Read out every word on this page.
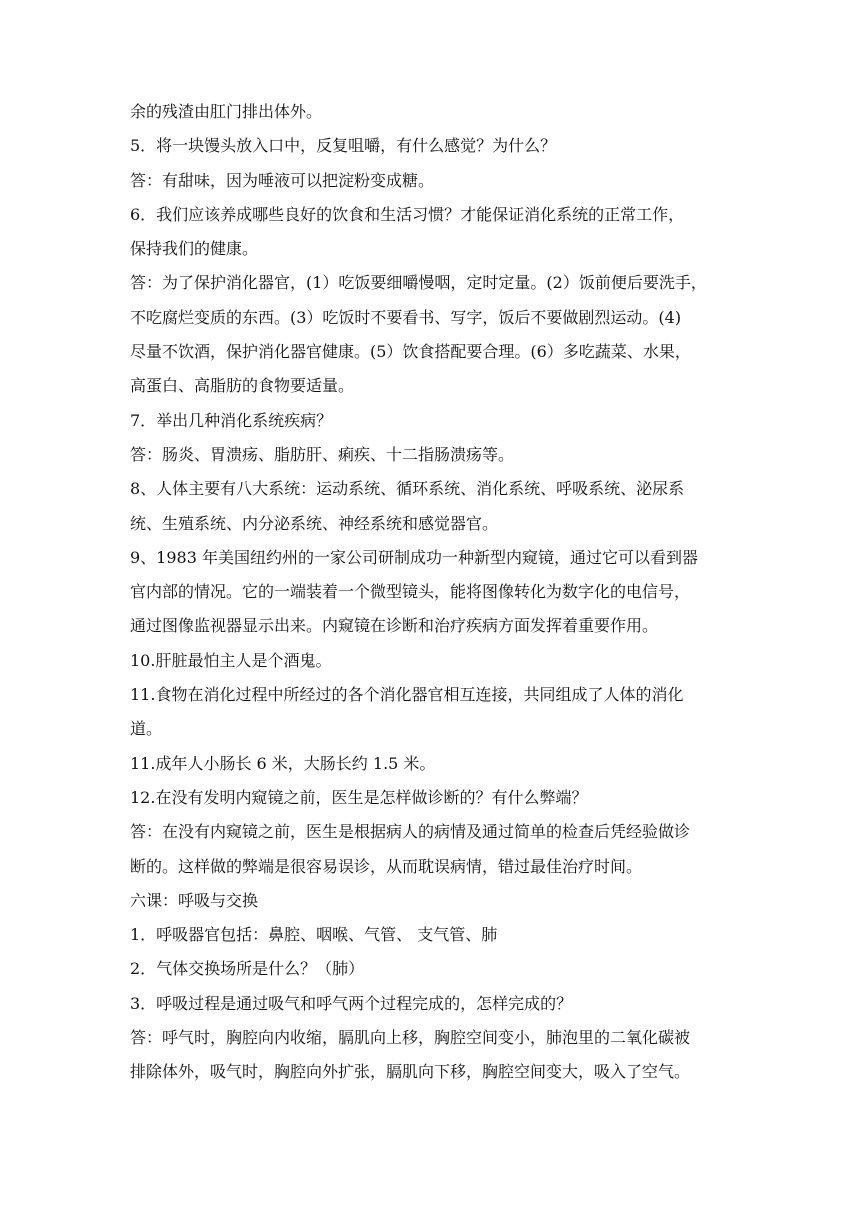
余的残渣由肛门排出体外。
5．将一块馒头放入口中，反复咀嚼，有什么感觉？为什么？
答：有甜味，因为唾液可以把淀粉变成糖。
6．我们应该养成哪些良好的饮食和生活习惯？才能保证消化系统的正常工作，
保持我们的健康。
答：为了保护消化器官，(1）吃饭要细嚼慢咽，定时定量。(2）饭前便后要洗手，
不吃腐烂变质的东西。(3）吃饭时不要看书、写字，饭后不要做剧烈运动。(4)
尽量不饮酒，保护消化器官健康。(5）饮食搭配要合理。(6）多吃蔬菜、水果，
高蛋白、高脂肪的食物要适量。
7．举出几种消化系统疾病？
答：肠炎、胃溃疡、脂肪肝、痢疾、十二指肠溃疡等。
8、人体主要有八大系统：运动系统、循环系统、消化系统、呼吸系统、泌尿系
统、生殖系统、内分泌系统、神经系统和感觉器官。
9、1983 年美国纽约州的一家公司研制成功一种新型内窥镜，通过它可以看到器
官内部的情况。它的一端装着一个微型镜头，能将图像转化为数字化的电信号，
通过图像监视器显示出来。内窥镜在诊断和治疗疾病方面发挥着重要作用。
10.肝脏最怕主人是个酒鬼。
11.食物在消化过程中所经过的各个消化器官相互连接，共同组成了人体的消化
道。
11.成年人小肠长 6 米，大肠长约 1.5 米。
12.在没有发明内窥镜之前，医生是怎样做诊断的？有什么弊端？
答：在没有内窥镜之前，医生是根据病人的病情及通过简单的检查后凭经验做诊
断的。这样做的弊端是很容易误诊，从而耽误病情，错过最佳治疗时间。
六课：呼吸与交换
1．呼吸器官包括：鼻腔、咽喉、气管、 支气管、肺
2．气体交换场所是什么？（肺）
3．呼吸过程是通过吸气和呼气两个过程完成的，怎样完成的？
答：呼气时，胸腔向内收缩，膈肌向上移，胸腔空间变小，肺泡里的二氧化碳被
排除体外，吸气时，胸腔向外扩张，膈肌向下移，胸腔空间变大，吸入了空气。
